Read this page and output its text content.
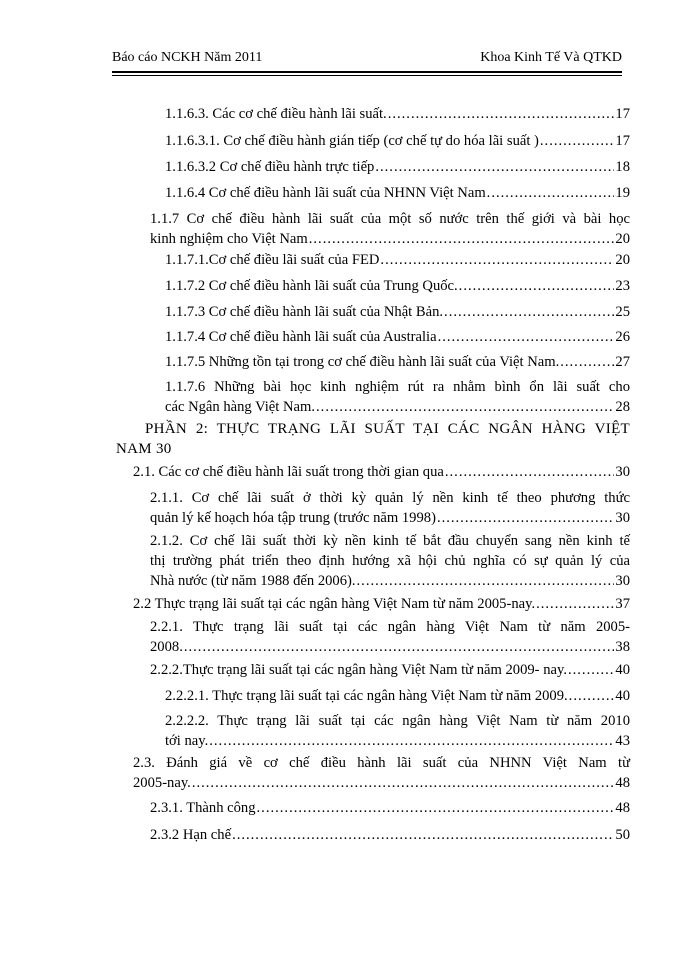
Báo cáo NCKH Năm 2011	Khoa Kinh Tế Và QTKD
1.1.6.3. Các cơ chế điều hành lãi suất. .....	17
1.1.6.3.1. Cơ chế điều hành gián tiếp (cơ chế tự do hóa lãi suất ) .....	17
1.1.6.3.2 Cơ chế điều hành trực tiếp .....	18
1.1.6.4 Cơ chế điều hành lãi suất của NHNN Việt Nam .....	19
1.1.7 Cơ chế điều hành lãi suất của một số nước trên thế giới và bài học
kinh nghiệm cho Việt Nam .....	20
1.1.7.1.Cơ chế điều lãi suất của FED .....	20
1.1.7.2 Cơ chế điều hành lãi suất của Trung Quốc. .....	23
1.1.7.3 Cơ chế điều hành lãi suất của Nhật Bản. .....	25
1.1.7.4 Cơ chế điều hành lãi suất của Australia .....	26
1.1.7.5 Những tồn tại trong cơ chế điều hành lãi suất của Việt Nam. .....	27
1.1.7.6 Những bài học kinh nghiệm rút ra nhằm bình ổn lãi suất cho
các Ngân hàng Việt Nam. .....	28
PHẦN 2: THỰC TRẠNG LÃI SUẤT TẠI CÁC NGÂN HÀNG VIỆT
NAM 30
2.1. Các cơ chế điều hành lãi suất trong thời gian qua .....	30
2.1.1. Cơ chế lãi suất ở thời kỳ quản lý nền kinh tế theo phương thức
quản lý kế hoạch hóa tập trung (trước năm 1998) .....	30
2.1.2. Cơ chế lãi suất thời kỳ nền kinh tế bắt đầu chuyển sang nền kinh tế
thị trường phát triển theo định hướng xã hội chủ nghĩa có sự quản lý của
Nhà nước (từ năm 1988 đến 2006). .....	30
2.2 Thực trạng lãi suất tại các ngân hàng Việt Nam từ năm 2005-nay. .....	37
2.2.1. Thực trạng lãi suất tại các ngân hàng Việt Nam từ năm 2005-
2008. .....	38
2.2.2.Thực trạng lãi suất tại các ngân hàng Việt Nam từ năm 2009- nay. .....	40
2.2.2.1. Thực trạng lãi suất tại các ngân hàng Việt Nam từ năm 2009. .....	40
2.2.2.2. Thực trạng lãi suất tại các ngân hàng Việt Nam từ năm 2010
tới nay. .....	43
2.3. Đánh giá về cơ chế điều hành lãi suất của NHNN Việt Nam từ
2005-nay. .....	48
2.3.1. Thành công .....	48
2.3.2 Hạn chế .....	50
